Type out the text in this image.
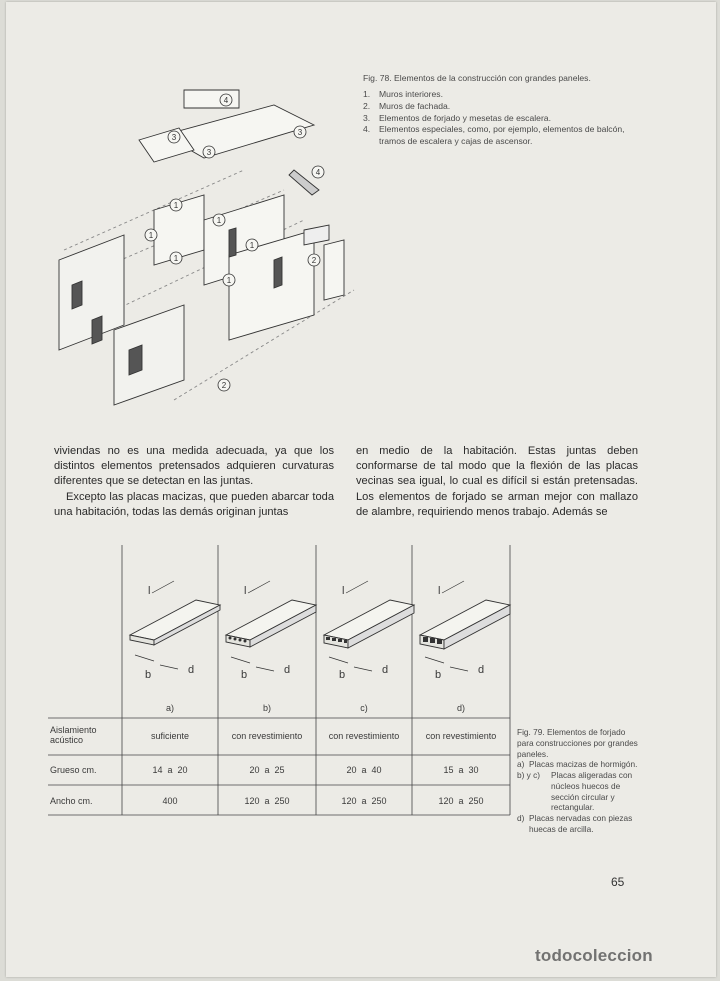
4
3
3
3
4
1
1
1
1
1
1
2
2
Fig. 78. Elementos de la construcción con grandes paneles.
1.	Muros interiores.
2.	Muros de fachada.
3.	Elementos de forjado y mesetas de escalera.
4.	Elementos especiales, como, por ejemplo, elementos de balcón, tramos de escalera y cajas de ascensor.

viviendas no es una medida adecuada, ya que los distintos elementos pretensados adquieren curvaturas diferentes que se detectan en las juntas.

Excepto las placas macizas, que pueden abarcar toda una habitación, todas las demás originan juntas

en medio de la habitación. Estas juntas deben conformarse de tal modo que la flexión de las placas vecinas sea igual, lo cual es difícil si están pretensadas. Los elementos de forjado se arman mejor con mallazo de alambre, requiriendo menos trabajo. Además se

l
b	d
l
b	d
l
b	d
l
b	d
a)	b)	c)	d)
Aislamiento acústico	suficiente	con revestimiento	con revestimiento	con revestimiento
Grueso cm.	14  a  20	20  a  25	20  a  40	15  a  30
Ancho cm.	400	120  a  250	120  a  250	120  a  250
Fig. 79. Elementos de forjado para construcciones por grandes paneles.
a) Placas macizas de hormigón.
b) y c)	Placas aligeradas con núcleos huecos de sección circular y rectangular.
d) Placas nervadas con piezas huecas de arcilla.
65
todocoleccion
